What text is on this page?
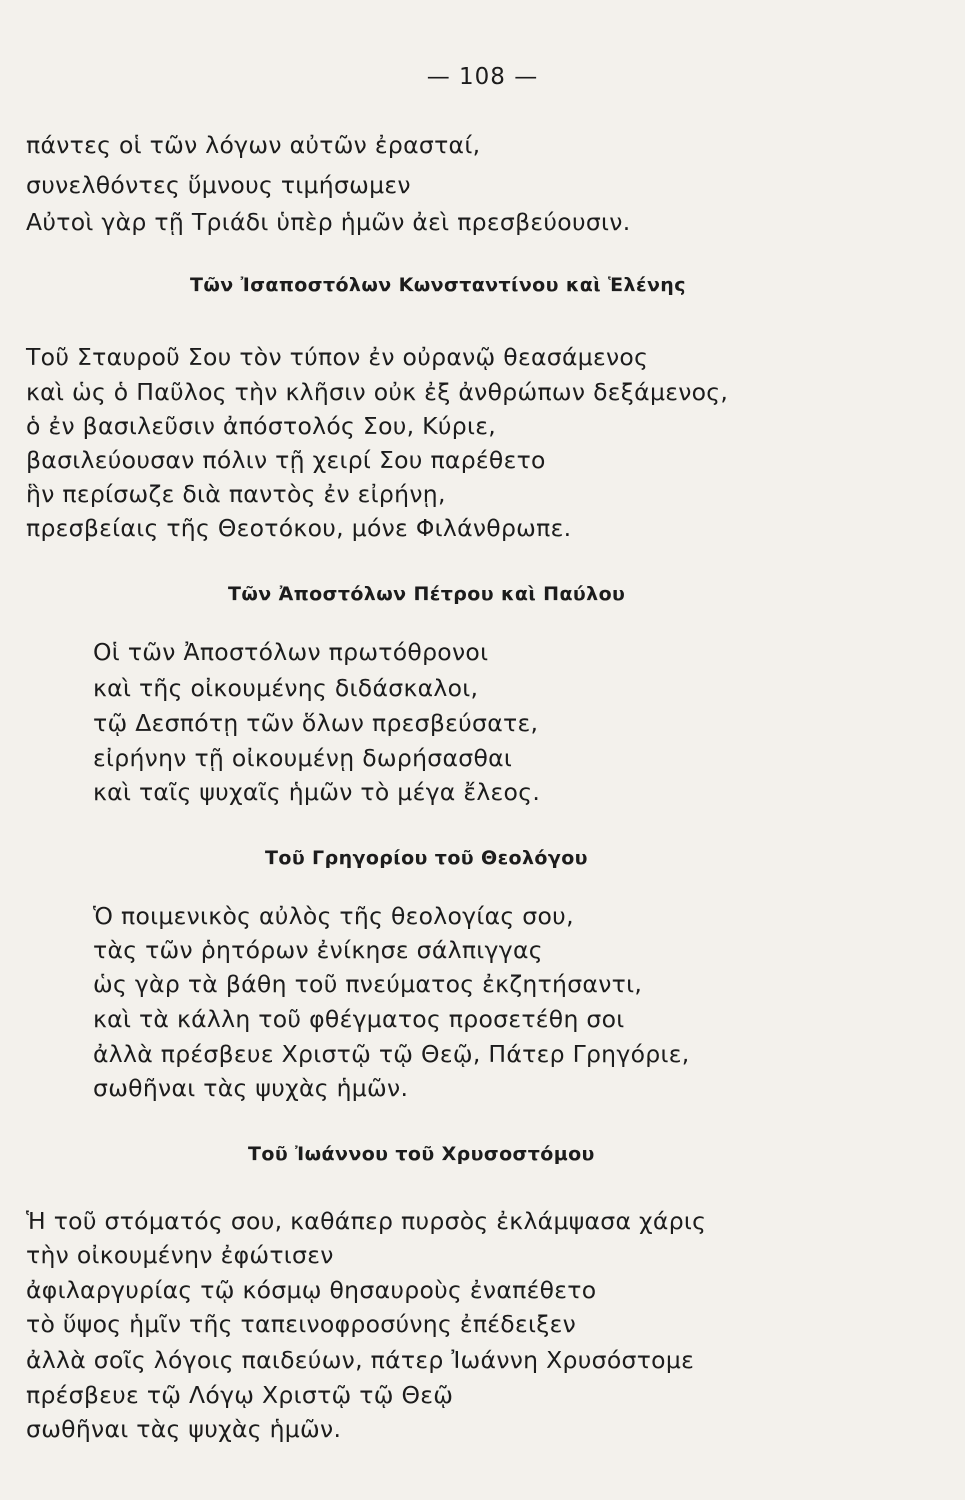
— 108 —
πάντες οἱ τῶν λόγων αὐτῶν ἐρασταί,
συνελθόντες ὕμνους τιμήσωμεν
Αὐτοὶ γὰρ τῇ Τριάδι ὑπὲρ ἡμῶν ἀεὶ πρεσβεύουσιν.
Τῶν Ἰσαποστόλων Κωνσταντίνου καὶ Ἑλένης
Τοῦ Σταυροῦ Σου τὸν τύπον ἐν οὐρανῷ θεασάμενος
καὶ ὡς ὁ Παῦλος τὴν κλῆσιν οὐκ ἐξ ἀνθρώπων δεξάμενος,
ὁ ἐν βασιλεῦσιν ἀπόστολός Σου, Κύριε,
βασιλεύουσαν πόλιν τῇ χειρί Σου παρέθετο
ἣν περίσωζε διὰ παντὸς ἐν εἰρήνῃ,
πρεσβείαις τῆς Θεοτόκου, μόνε Φιλάνθρωπε.
Τῶν Ἀποστόλων Πέτρου καὶ Παύλου
Οἱ τῶν Ἀποστόλων πρωτόθρονοι
καὶ τῆς οἰκουμένης διδάσκαλοι,
τῷ Δεσπότῃ τῶν ὅλων πρεσβεύσατε,
εἰρήνην τῇ οἰκουμένῃ δωρήσασθαι
καὶ ταῖς ψυχαῖς ἡμῶν τὸ μέγα ἔλεος.
Τοῦ Γρηγορίου τοῦ Θεολόγου
Ὁ ποιμενικὸς αὐλὸς τῆς θεολογίας σου,
τὰς τῶν ῥητόρων ἐνίκησε σάλπιγγας
ὡς γὰρ τὰ βάθη τοῦ πνεύματος ἐκζητήσαντι,
καὶ τὰ κάλλη τοῦ φθέγματος προσετέθη σοι
ἀλλὰ πρέσβευε Χριστῷ τῷ Θεῷ, Πάτερ Γρηγόριε,
σωθῆναι τὰς ψυχὰς ἡμῶν.
Τοῦ Ἰωάννου τοῦ Χρυσοστόμου
Ἡ τοῦ στόματός σου, καθάπερ πυρσὸς ἐκλάμψασα χάρις
τὴν οἰκουμένην ἐφώτισεν
ἀφιλαργυρίας τῷ κόσμῳ θησαυροὺς ἐναπέθετο
τὸ ὕψος ἡμῖν τῆς ταπεινοφροσύνης ἐπέδειξεν
ἀλλὰ σοῖς λόγοις παιδεύων, πάτερ Ἰωάννη Χρυσόστομε
πρέσβευε τῷ Λόγῳ Χριστῷ τῷ Θεῷ
σωθῆναι τὰς ψυχὰς ἡμῶν.
